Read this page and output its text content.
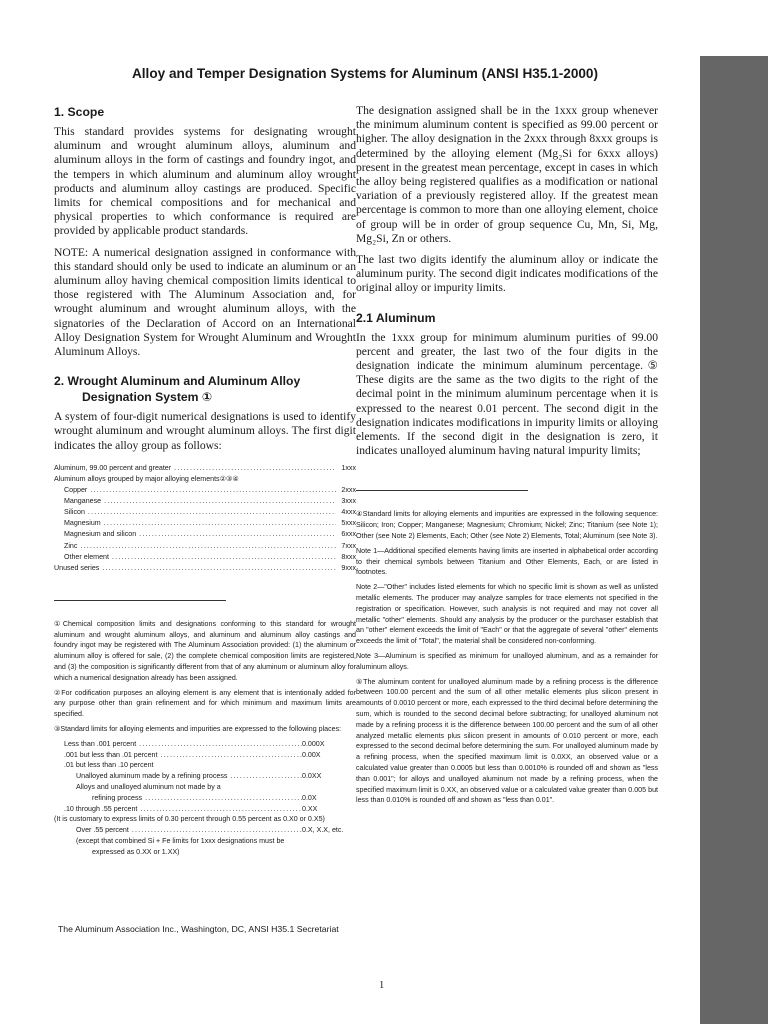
Alloy and Temper Designation Systems for Aluminum (ANSI H35.1-2000)
1. Scope

This standard provides systems for designating wrought aluminum and wrought aluminum alloys, aluminum and aluminum alloys in the form of castings and foundry ingot, and the tempers in which aluminum and aluminum alloy wrought products and aluminum alloy castings are produced. Specific limits for chemical compositions and for mechanical and physical properties to which conformance is required are provided by applicable product standards.

NOTE: A numerical designation assigned in conformance with this standard should only be used to indicate an aluminum or an aluminum alloy having chemical composition limits identical to those registered with The Aluminum Association and, for wrought aluminum and wrought aluminum alloys, with the signatories of the Declaration of Accord on an International Alloy Designation System for Wrought Aluminum and Wrought Aluminum Alloys.

2. Wrought Aluminum and Aluminum Alloy
Designation System ①

A system of four-digit numerical designations is used to identify wrought aluminum and wrought aluminum alloys. The first digit indicates the alloy group as follows:

Aluminum, 99.00 percent and greater .....	1xxx
Aluminum alloys grouped by major alloying elements②③④
Copper .....	2xxx
Manganese .....	3xxx
Silicon .....	4xxx
Magnesium .....	5xxx
Magnesium and silicon .....	6xxx
Zinc .....	7xxx
Other element .....	8xxx
Unused series .....	9xxx

①Chemical composition limits and designations conforming to this standard for wrought aluminum and wrought aluminum alloys, and aluminum and aluminum alloy castings and foundry ingot may be registered with The Aluminum Association provided: (1) the aluminum or aluminum alloy is offered for sale, (2) the complete chemical composition limits are registered, and (3) the composition is significantly different from that of any aluminum or aluminum alloy for which a numerical designation already has been assigned.

②For codification purposes an alloying element is any element that is intentionally added for any purpose other than grain refinement and for which minimum and maximum limits are specified.

③Standard limits for alloying elements and impurities are expressed to the following places:

Less than .001 percent .....	0.000X
.001 but less than .01 percent .....	0.00X
.01 but less than .10 percent
Unalloyed aluminum made by a refining process .....	0.0XX
Alloys and unalloyed aluminum not made by a
refining process .....	0.0X
.10 through .55 percent .....	0.XX
(It is customary to express limits of 0.30 percent through 0.55 percent as 0.X0 or 0.X5)
Over .55 percent .....	0.X, X.X, etc.
(except that combined Si + Fe limits for 1xxx designations must be
expressed as 0.XX or 1.XX)

The designation assigned shall be in the 1xxx group whenever the minimum aluminum content is specified as 99.00 percent or higher. The alloy designation in the 2xxx through 8xxx groups is determined by the alloying element (Mg₂Si for 6xxx alloys) present in the greatest mean percentage, except in cases in which the alloy being registered qualifies as a modification or national variation of a previously registered alloy. If the greatest mean percentage is common to more than one alloying element, choice of group will be in order of group sequence Cu, Mn, Si, Mg, Mg₂Si, Zn or others.

The last two digits identify the aluminum alloy or indicate the aluminum purity. The second digit indicates modifications of the original alloy or impurity limits.

2.1 Aluminum

In the 1xxx group for minimum aluminum purities of 99.00 percent and greater, the last two of the four digits in the designation indicate the minimum aluminum percentage.⑤ These digits are the same as the two digits to the right of the decimal point in the minimum aluminum percentage when it is expressed to the nearest 0.01 percent. The second digit in the designation indicates modifications in impurity limits or alloying elements. If the second digit in the designation is zero, it indicates unalloyed aluminum having natural impurity limits;

④Standard limits for alloying elements and impurities are expressed in the following sequence: Silicon; Iron; Copper; Manganese; Magnesium; Chromium; Nickel; Zinc; Titanium (see Note 1); Other (see Note 2) Elements, Each; Other (see Note 2) Elements, Total; Aluminum (see Note 3).

Note 1—Additional specified elements having limits are inserted in alphabetical order according to their chemical symbols between Titanium and Other Elements, Each, or are listed in footnotes.

Note 2—"Other" includes listed elements for which no specific limit is shown as well as unlisted metallic elements. The producer may analyze samples for trace elements not specified in the registration or specification. However, such analysis is not required and may not cover all metallic "other" elements. Should any analysis by the producer or the purchaser establish that an "other" element exceeds the limit of "Each" or that the aggregate of several "other" elements exceeds the limit of "Total", the material shall be considered non-conforming.

Note 3—Aluminum is specified as minimum for unalloyed aluminum, and as a remainder for aluminum alloys.

⑤The aluminum content for unalloyed aluminum made by a refining process is the difference between 100.00 percent and the sum of all other metallic elements plus silicon present in amounts of 0.0010 percent or more, each expressed to the third decimal before determining the sum, which is rounded to the second decimal before subtracting; for unalloyed aluminum not made by a refining process it is the difference between 100.00 percent and the sum of all other analyzed metallic elements plus silicon present in amounts of 0.010 percent or more, each expressed to the second decimal before determining the sum. For unalloyed aluminum made by a refining process, when the specified maximum limit is 0.0XX, an observed value or a calculated value greater than 0.0005 but less than 0.0010% is rounded off and shown as "less than 0.001"; for alloys and unalloyed aluminum not made by a refining process, when the specified maximum limit is 0.XX, an observed value or a calculated value greater than 0.005 but less than 0.010% is rounded off and shown as "less than 0.01".

The Aluminum Association Inc., Washington, DC, ANSI H35.1 Secretariat
1
